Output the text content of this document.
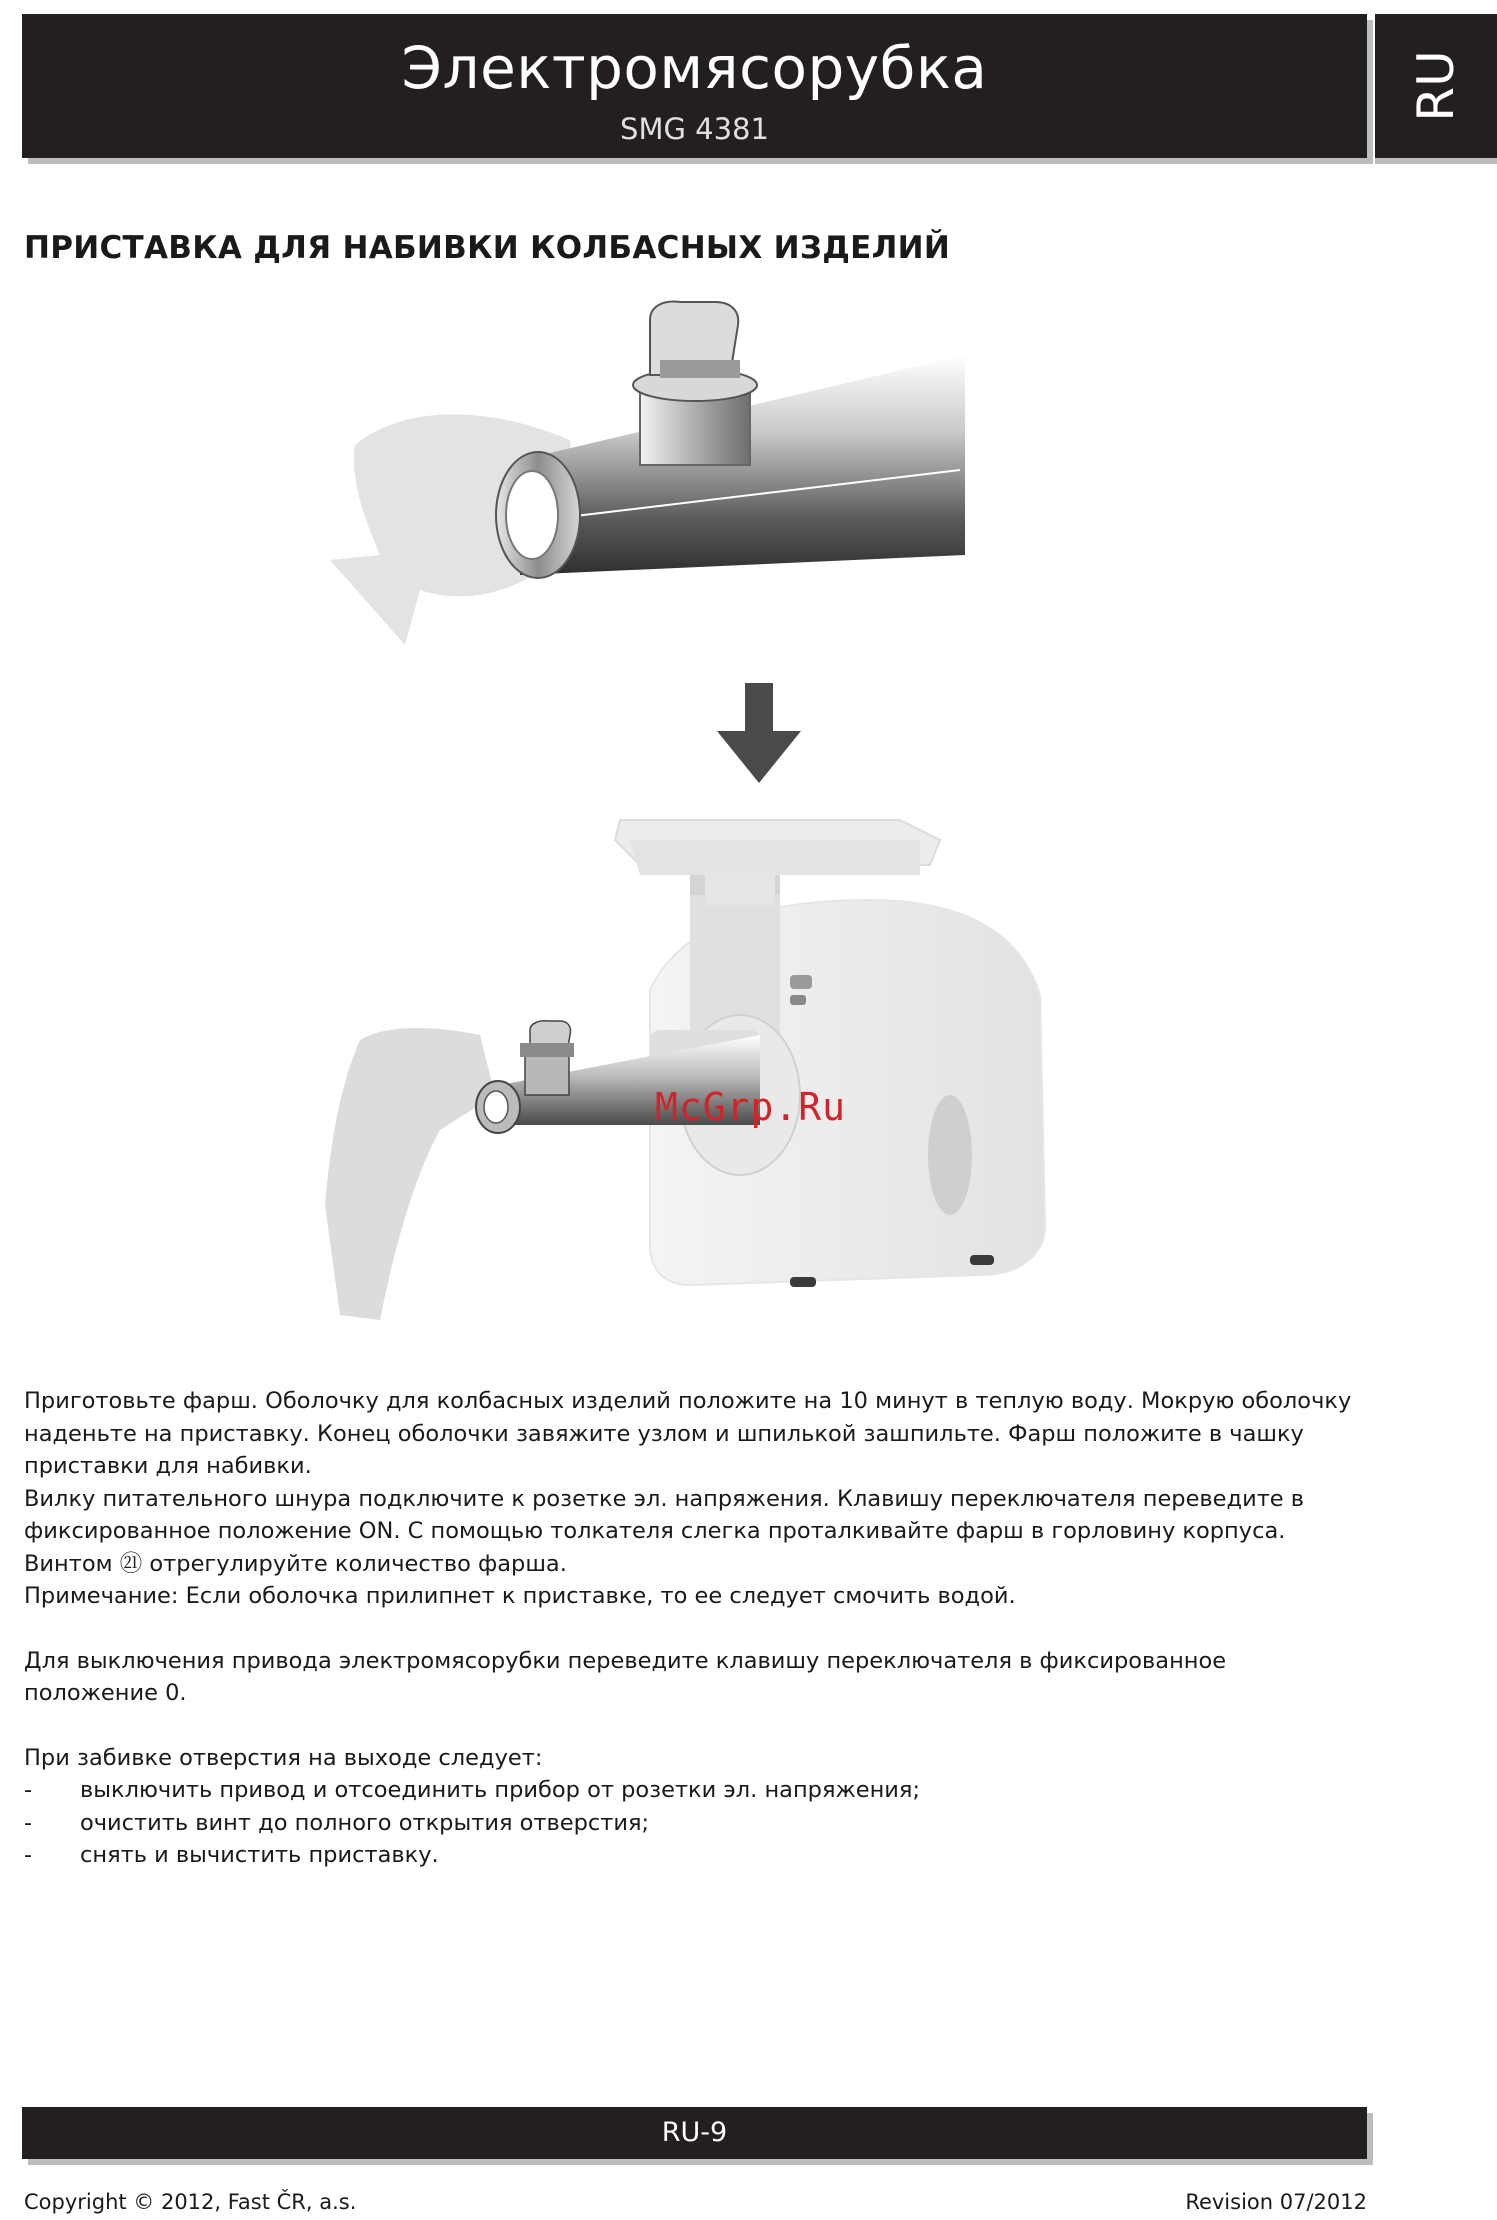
Электромясорубка
SMG 4381
RU
ПРИСТАВКА ДЛЯ НАБИВКИ КОЛБАСНЫХ ИЗДЕЛИЙ
McGrp.Ru

Приготовьте фарш. Оболочку для колбасных изделий положите на 10 минут в теплую воду. Мокрую оболочку наденьте на приставку. Конец оболочки завяжите узлом и шпилькой зашпильте. Фарш положите в чашку приставки для набивки.

Вилку питательного шнура подключите к розетке эл. напряжения. Клавишу переключателя переведите в фиксированное положение ON. С помощью толкателя слегка проталкивайте фарш в горловину корпуса.

Винтом ㉑ отрегулируйте количество фарша.

Примечание: Если оболочка прилипнет к приставке, то ее следует смочить водой.

Для выключения привода электромясорубки переведите клавишу переключателя в фиксированное положение 0.

При забивке отверстия на выходе следует:

-	выключить привод и отсоединить прибор от розетки эл. напряжения;
-	очистить винт до полного открытия отверстия;
-	снять и вычистить приставку.
RU-9
Copyright © 2012, Fast ČR, a.s.	Revision 07/2012
